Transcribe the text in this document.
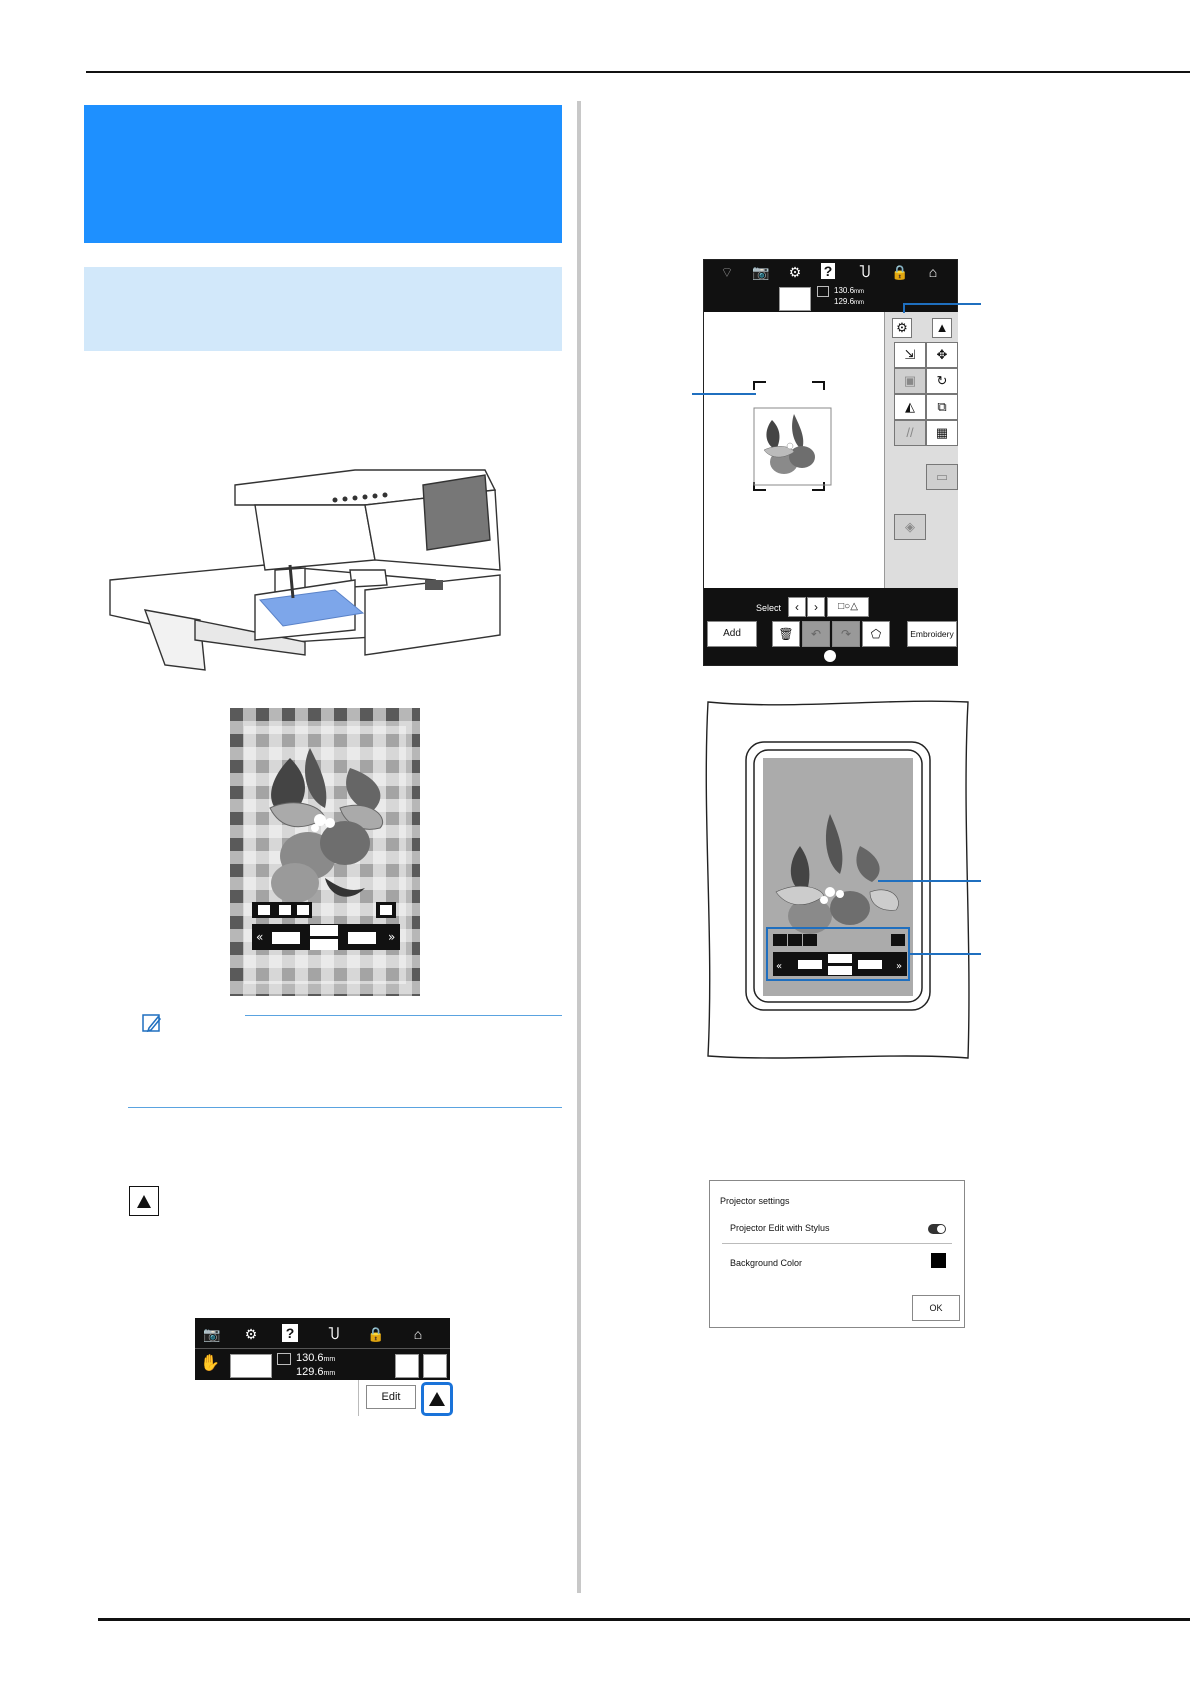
«	»
📷	⚙	?	Ⴎ	🔒	⌂
✋	130.6mm
129.6mm
Edit
⌔	📷	⚙	?	Ⴎ	🔒	⌂
130.6mm
129.6mm
⚙	▲
⇲	✥
▣	↻
◭	⧉
//	▦
▭
◈
Select	‹	›	□○△
Add	🗑	↶	↷	⬠	Embroidery
«	»
Projector settings
Projector Edit with Stylus
Background Color
OK
